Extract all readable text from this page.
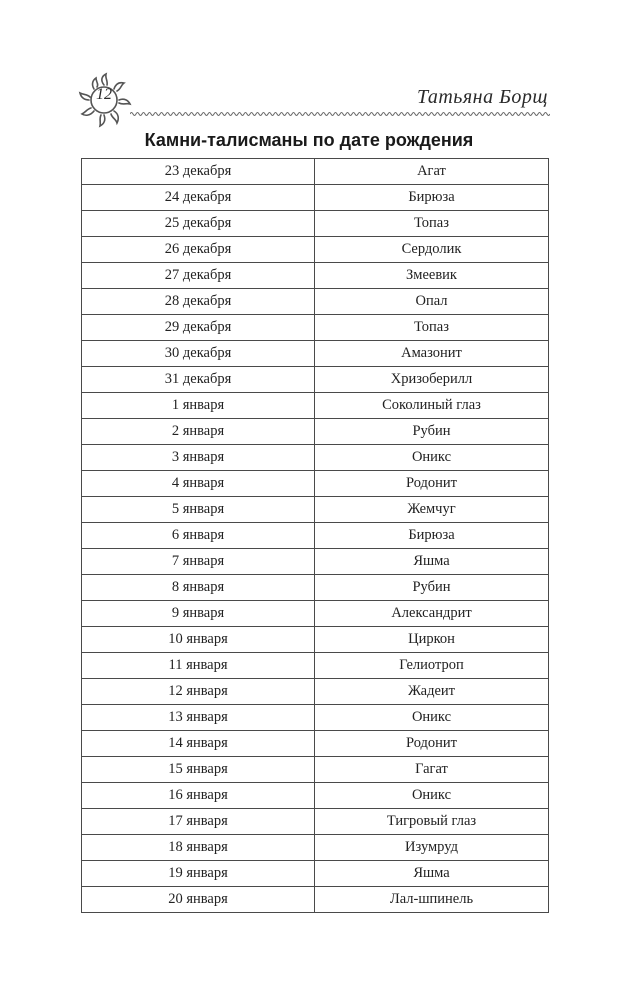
12	Татьяна Борщ
Камни-талисманы по дате рождения
23 декабря	Агат
24 декабря	Бирюза
25 декабря	Топаз
26 декабря	Сердолик
27 декабря	Змеевик
28 декабря	Опал
29 декабря	Топаз
30 декабря	Амазонит
31 декабря	Хризоберилл
1 января	Соколиный глаз
2 января	Рубин
3 января	Оникс
4 января	Родонит
5 января	Жемчуг
6 января	Бирюза
7 января	Яшма
8 января	Рубин
9 января	Александрит
10 января	Циркон
11 января	Гелиотроп
12 января	Жадеит
13 января	Оникс
14 января	Родонит
15 января	Гагат
16 января	Оникс
17 января	Тигровый глаз
18 января	Изумруд
19 января	Яшма
20 января	Лал-шпинель
